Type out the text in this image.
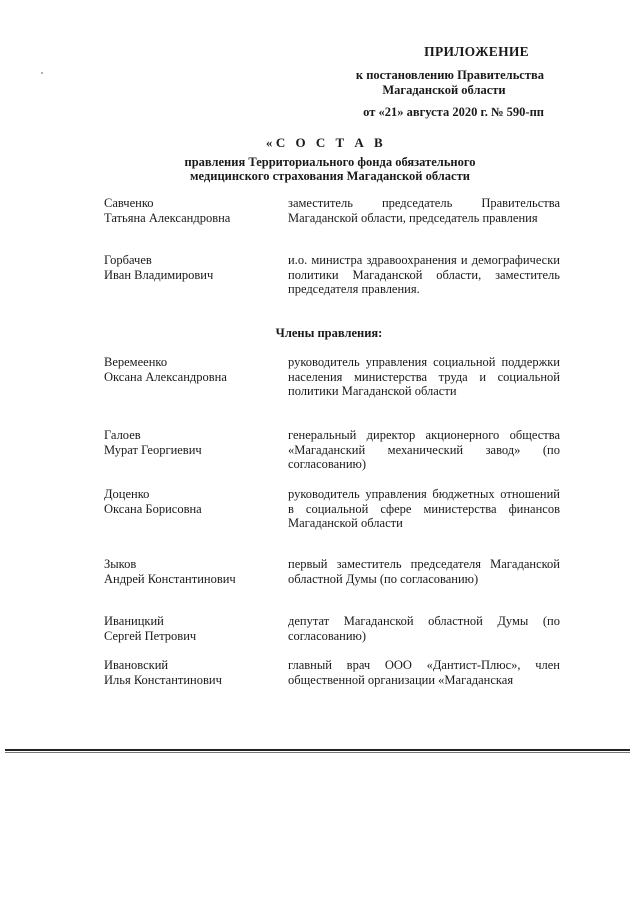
ПРИЛОЖЕНИЕ
к постановлению Правительства
Магаданской области
от «21» августа 2020 г. № 590-пп
«С О С Т А В
правления Территориального фонда обязательного
медицинского страхования Магаданской области
Савченко
Татьяна Александровна
заместитель председатель Правительства Магаданской области, председатель правления
Горбачев
Иван Владимирович
и.о. министра здравоохранения и демографически политики Магаданской области, заместитель председателя правления.
Члены правления:
Веремеенко
Оксана Александровна
руководитель управления социальной поддержки населения министерства труда и социальной политики Магаданской области
Галоев
Мурат Георгиевич
генеральный директор акционерного общества «Магаданский механический завод» (по согласованию)
Доценко
Оксана Борисовна
руководитель управления бюджетных отношений в социальной сфере министерства финансов Магаданской области
Зыков
Андрей Константинович
первый заместитель председателя Магаданской областной Думы (по согласованию)
Иваницкий
Сергей Петрович
депутат Магаданской областной Думы (по согласованию)
Ивановский
Илья Константинович
главный врач ООО «Дантист-Плюс», член общественной организации «Магаданская
